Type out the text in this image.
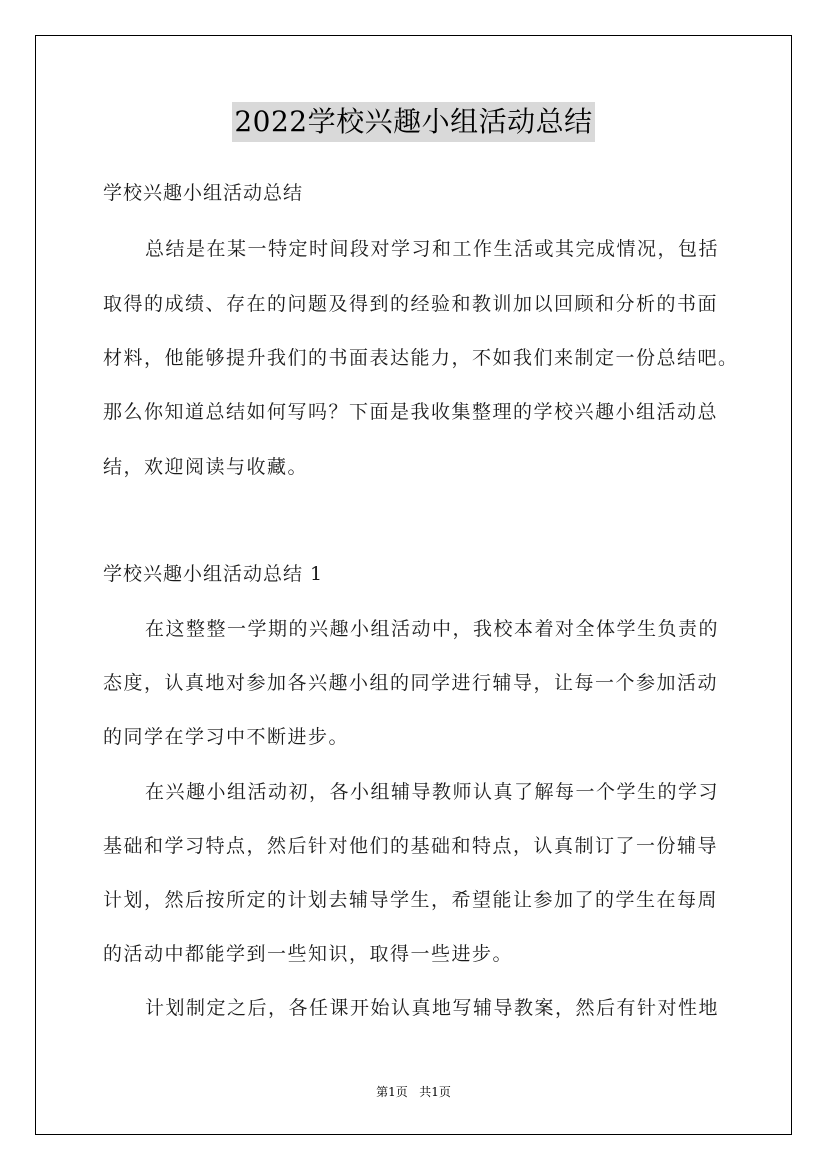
2022学校兴趣小组活动总结
学校兴趣小组活动总结
总结是在某一特定时间段对学习和工作生活或其完成情况，包括
取得的成绩、存在的问题及得到的经验和教训加以回顾和分析的书面
材料，他能够提升我们的书面表达能力，不如我们来制定一份总结吧。
那么你知道总结如何写吗？下面是我收集整理的学校兴趣小组活动总
结，欢迎阅读与收藏。
学校兴趣小组活动总结 1
在这整整一学期的兴趣小组活动中，我校本着对全体学生负责的
态度，认真地对参加各兴趣小组的同学进行辅导，让每一个参加活动
的同学在学习中不断进步。
在兴趣小组活动初，各小组辅导教师认真了解每一个学生的学习
基础和学习特点，然后针对他们的基础和特点，认真制订了一份辅导
计划，然后按所定的计划去辅导学生，希望能让参加了的学生在每周
的活动中都能学到一些知识，取得一些进步。
计划制定之后，各任课开始认真地写辅导教案，然后有针对性地
第1页 共1页
